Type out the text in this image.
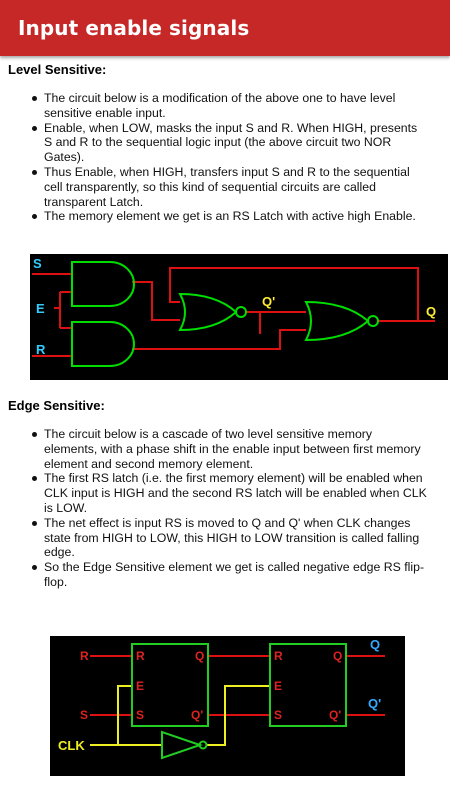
Input enable signals
Level Sensitive:
The circuit below is a modification of the above one to have level sensitive enable input.
Enable, when LOW, masks the input S and R. When HIGH, presents S and R to the sequential logic input (the above circuit two NOR Gates).
Thus Enable, when HIGH, transfers input S and R to the sequential cell transparently, so this kind of sequential circuits are called transparent Latch.
The memory element we get is an RS Latch with active high Enable.
S
E
R
Q'
Q
Edge Sensitive:
The circuit below is a cascade of two level sensitive memory elements, with a phase shift in the enable input between first memory element and second memory element.
The first RS latch (i.e. the first memory element) will be enabled when CLK input is HIGH and the second RS latch will be enabled when CLK is LOW.
The net effect is input RS is moved to Q and Q' when CLK changes state from HIGH to LOW, this HIGH to LOW transition is called falling edge.
So the Edge Sensitive element we get is called negative edge RS flip-flop.
R
S
R
E
S
Q
Q'
R
E
S
Q
Q'
Q
Q'
CLK
